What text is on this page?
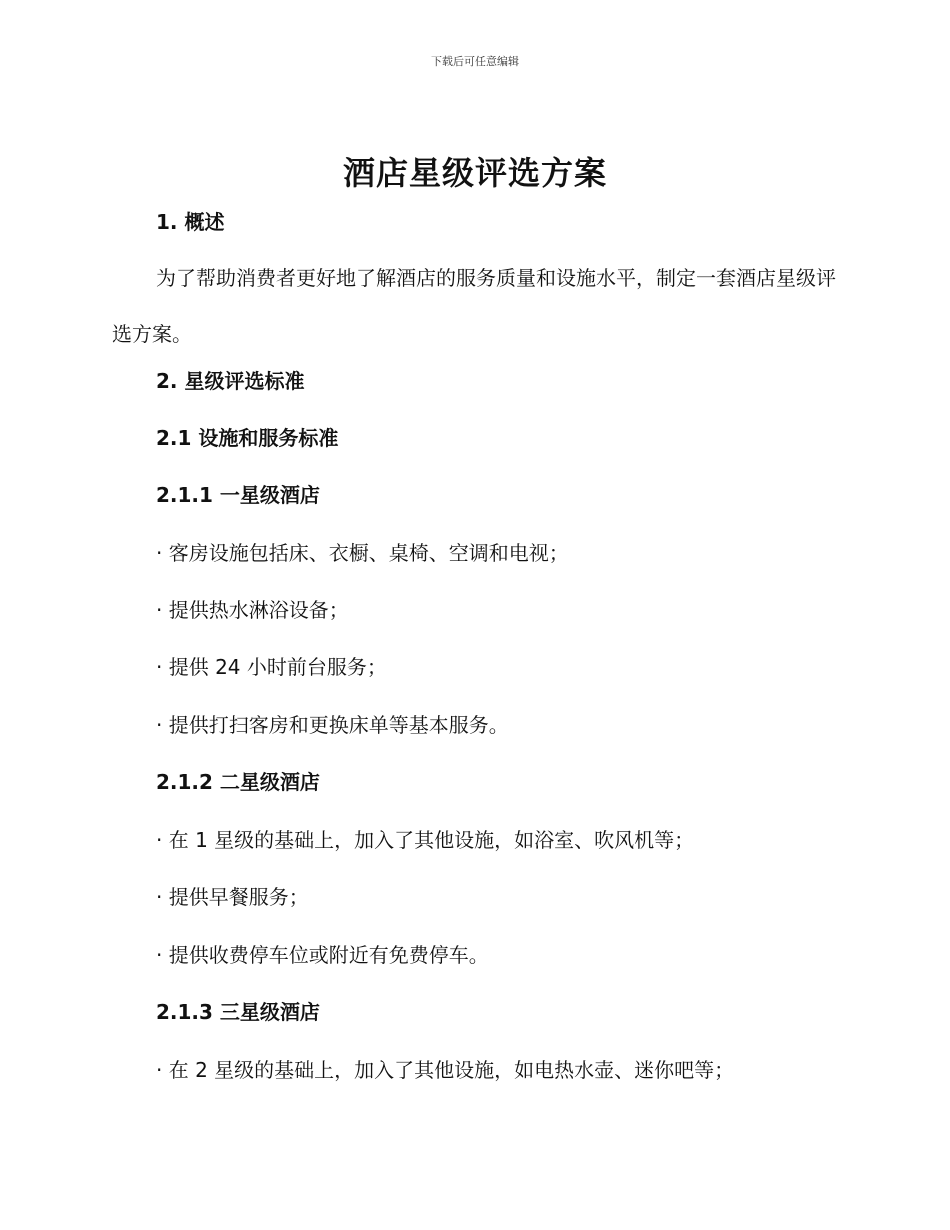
下载后可任意编辑
酒店星级评选方案
1. 概述
为了帮助消费者更好地了解酒店的服务质量和设施水平，制定一套酒店星级评选方案。
2. 星级评选标准
2.1 设施和服务标准
2.1.1 一星级酒店
· 客房设施包括床、衣橱、桌椅、空调和电视；
· 提供热水淋浴设备；
· 提供 24 小时前台服务；
· 提供打扫客房和更换床单等基本服务。
2.1.2 二星级酒店
· 在 1 星级的基础上，加入了其他设施，如浴室、吹风机等；
· 提供早餐服务；
· 提供收费停车位或附近有免费停车。
2.1.3 三星级酒店
· 在 2 星级的基础上，加入了其他设施，如电热水壶、迷你吧等；
